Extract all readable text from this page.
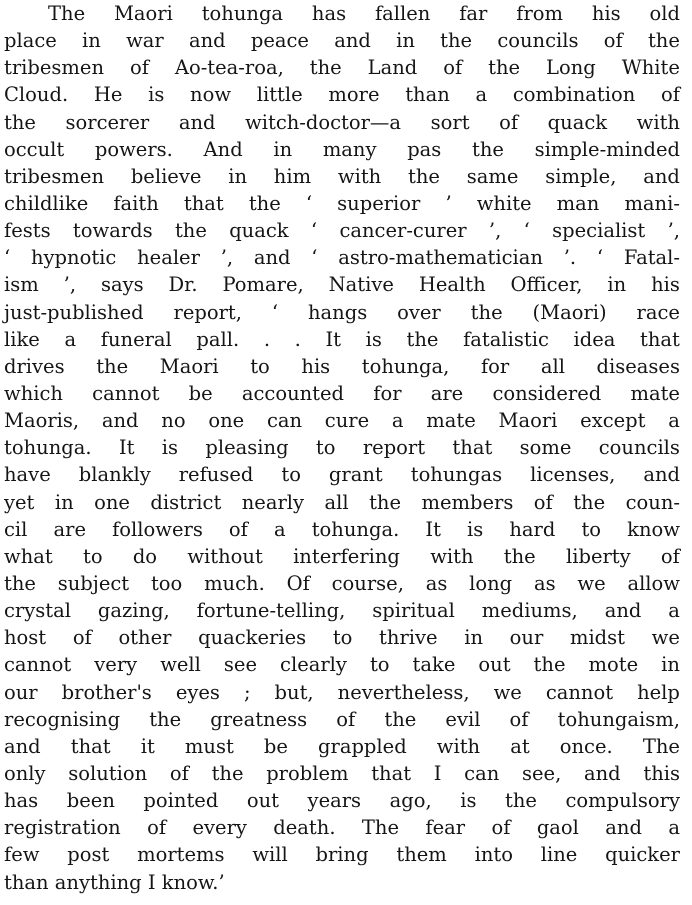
The Maori tohunga has fallen far from his old
place in war and peace and in the councils of the
tribesmen of Ao-tea-roa, the Land of the Long White
Cloud. He is now little more than a combination of
the sorcerer and witch-doctor—a sort of quack with
occult powers. And in many pas the simple-minded
tribesmen believe in him with the same simple, and
childlike faith that the ‘ superior ’ white man mani-
fests towards the quack ‘ cancer-curer ’, ‘ specialist ’,
‘ hypnotic healer ’, and ‘ astro-mathematician ’. ‘ Fatal-
ism ’, says Dr. Pomare, Native Health Officer, in his
just-published report, ‘ hangs over the (Maori) race
like a funeral pall. . . It is the fatalistic idea that
drives the Maori to his tohunga, for all diseases
which cannot be accounted for are considered mate
Maoris, and no one can cure a mate Maori except a
tohunga. It is pleasing to report that some councils
have blankly refused to grant tohungas licenses, and
yet in one district nearly all the members of the coun-
cil are followers of a tohunga. It is hard to know
what to do without interfering with the liberty of
the subject too much. Of course, as long as we allow
crystal gazing, fortune-telling, spiritual mediums, and a
host of other quackeries to thrive in our midst we
cannot very well see clearly to take out the mote in
our brother's eyes ; but, nevertheless, we cannot help
recognising the greatness of the evil of tohungaism,
and that it must be grappled with at once. The
only solution of the problem that I can see, and this
has been pointed out years ago, is the compulsory
registration of every death. The fear of gaol and a
few post mortems will bring them into line quicker
than anything I know.’
